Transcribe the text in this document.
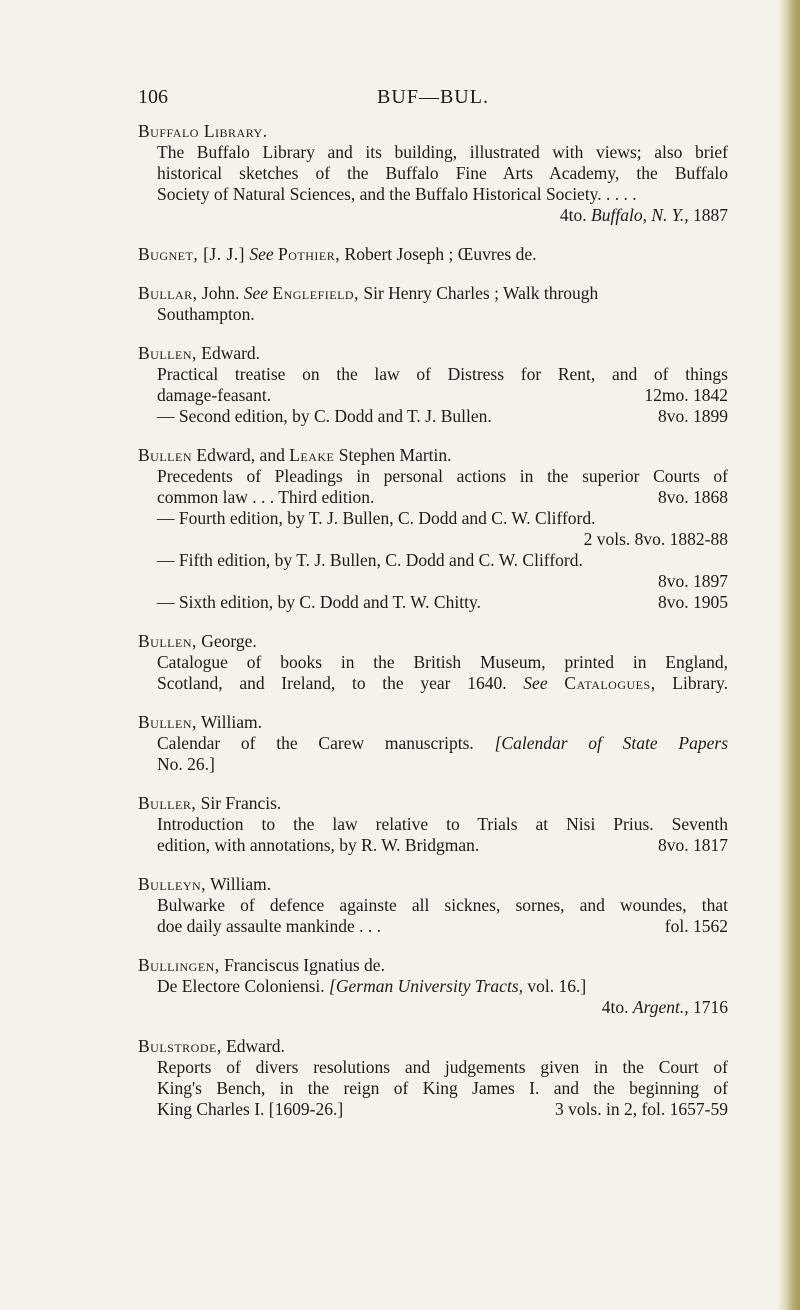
106	BUF—BUL.
Buffalo Library.
The Buffalo Library and its building, illustrated with views; also brief
historical sketches of the Buffalo Fine Arts Academy, the Buffalo
Society of Natural Sciences, and the Buffalo Historical Society. . . . .
4to. Buffalo, N. Y., 1887
Bugnet, [J. J.] See Pothier, Robert Joseph ; Œuvres de.
Bullar, John. See Englefield, Sir Henry Charles ; Walk through
Southampton.
Bullen, Edward.
Practical treatise on the law of Distress for Rent, and of things
damage-feasant.	12mo. 1842
— Second edition, by C. Dodd and T. J. Bullen.	8vo. 1899
Bullen Edward, and Leake Stephen Martin.
Precedents of Pleadings in personal actions in the superior Courts of
common law . . . Third edition.	8vo. 1868
— Fourth edition, by T. J. Bullen, C. Dodd and C. W. Clifford.
2 vols. 8vo. 1882-88
— Fifth edition, by T. J. Bullen, C. Dodd and C. W. Clifford.
8vo. 1897
— Sixth edition, by C. Dodd and T. W. Chitty.	8vo. 1905
Bullen, George.
Catalogue of books in the British Museum, printed in England,
Scotland, and Ireland, to the year 1640. See Catalogues, Library.
Bullen, William.
Calendar of the Carew manuscripts. [Calendar of State Papers
No. 26.]
Buller, Sir Francis.
Introduction to the law relative to Trials at Nisi Prius. Seventh
edition, with annotations, by R. W. Bridgman.	8vo. 1817
Bulleyn, William.
Bulwarke of defence againste all sicknes, sornes, and woundes, that
doe daily assaulte mankinde . . .	fol. 1562
Bullingen, Franciscus Ignatius de.
De Electore Coloniensi. [German University Tracts, vol. 16.]
4to. Argent., 1716
Bulstrode, Edward.
Reports of divers resolutions and judgements given in the Court of
King's Bench, in the reign of King James I. and the beginning of
King Charles I. [1609-26.]	3 vols. in 2, fol. 1657-59
